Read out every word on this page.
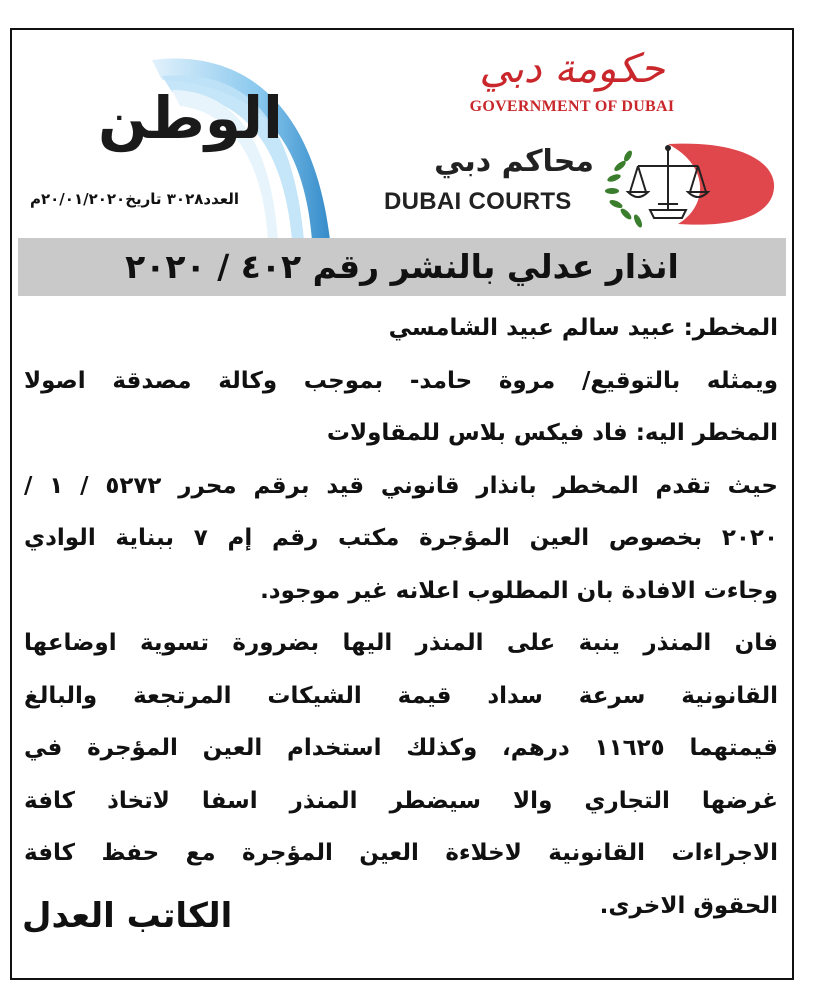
الوطن
العدد٣٠٢٨ تاريخ٢٠/٠١/٢٠٢٠م
حكومة دبي
GOVERNMENT OF DUBAI
محاكم دبي
DUBAI COURTS
انذار عدلي بالنشر رقم ٤٠٢ / ٢٠٢٠
المخطر: عبيد سالم عبيد الشامسي
ويمثله بالتوقيع/ مروة حامد- بموجب وكالة مصدقة اصولا
المخطر اليه: فاد فيكس بلاس للمقاولات
حيث تقدم المخطر بانذار قانوني قيد برقم محرر ٥٢٧٢ / ١ /
٢٠٢٠ بخصوص العين المؤجرة مكتب رقم إم ٧ ببناية الوادي
وجاءت الافادة بان المطلوب اعلانه غير موجود.
فان المنذر ينبة على المنذر اليها بضرورة تسوية اوضاعها
القانونية سرعة سداد قيمة الشيكات المرتجعة والبالغ
قيمتهما ١١٦٢٥ درهم، وكذلك استخدام العين المؤجرة في
غرضها التجاري والا سيضطر المنذر اسفا لاتخاذ كافة
الاجراءات القانونية لاخلاءة العين المؤجرة مع حفظ كافة
الحقوق الاخرى.
الكاتب العدل
